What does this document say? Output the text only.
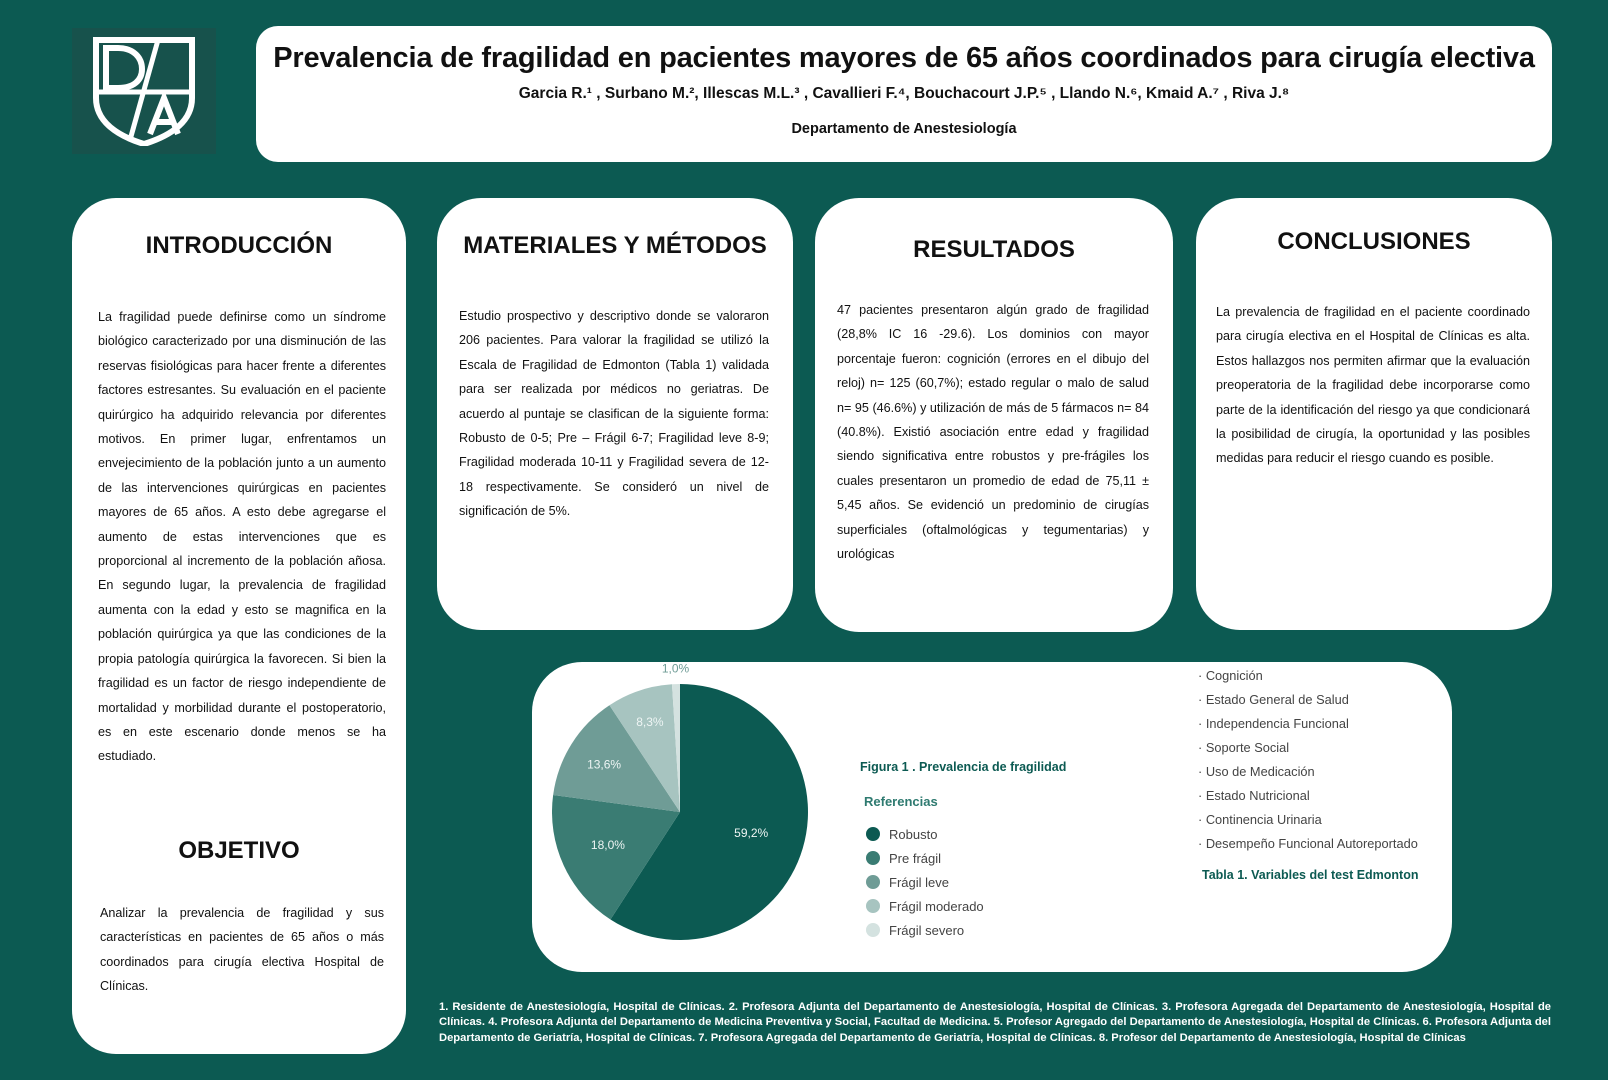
Prevalencia de fragilidad en pacientes mayores de 65 años coordinados para cirugía electiva
Garcia R.¹ , Surbano M.², Illescas M.L.³ , Cavallieri F.⁴, Bouchacourt J.P.⁵ , Llando N.⁶, Kmaid A.⁷ , Riva J.⁸
Departamento de Anestesiología
INTRODUCCIÓN

La fragilidad puede definirse como un síndrome biológico caracterizado por una disminución de las reservas fisiológicas para hacer frente a diferentes factores estresantes. Su evaluación en el paciente quirúrgico ha adquirido relevancia por diferentes motivos. En primer lugar, enfrentamos un envejecimiento de la población junto a un aumento de las intervenciones quirúrgicas en pacientes mayores de 65 años. A esto debe agregarse el aumento de estas intervenciones que es proporcional al incremento de la población añosa. En segundo lugar, la prevalencia de fragilidad aumenta con la edad y esto se magnifica en la población quirúrgica ya que las condiciones de la propia patología quirúrgica la favorecen. Si bien la fragilidad es un factor de riesgo independiente de mortalidad y morbilidad durante el postoperatorio, es en este escenario donde menos se ha estudiado.

OBJETIVO

Analizar la prevalencia de fragilidad y sus características en pacientes de 65 años o más coordinados para cirugía electiva Hospital de Clínicas.

MATERIALES Y MÉTODOS

Estudio prospectivo y descriptivo donde se valoraron 206 pacientes. Para valorar la fragilidad se utilizó la Escala de Fragilidad de Edmonton (Tabla 1) validada para ser realizada por médicos no geriatras. De acuerdo al puntaje se clasifican de la siguiente forma: Robusto de 0-5; Pre – Frágil 6-7; Fragilidad leve 8-9; Fragilidad moderada 10-11 y Fragilidad severa de 12-18 respectivamente. Se consideró un nivel de significación de 5%.

RESULTADOS

47 pacientes presentaron algún grado de fragilidad (28,8% IC 16 -29.6). Los dominios con mayor porcentaje fueron: cognición (errores en el dibujo del reloj) n= 125 (60,7%); estado regular o malo de salud n= 95 (46.6%) y utilización de más de 5 fármacos n= 84 (40.8%). Existió asociación entre edad y fragilidad siendo significativa entre robustos y pre-frágiles los cuales presentaron un promedio de edad de 75,11 ± 5,45 años. Se evidenció un predominio de cirugías superficiales (oftalmológicas y tegumentarias) y urológicas

CONCLUSIONES

La prevalencia de fragilidad en el paciente coordinado para cirugía electiva en el Hospital de Clínicas es alta. Estos hallazgos nos permiten afirmar que la evaluación preoperatoria de la fragilidad debe incorporarse como parte de la identificación del riesgo ya que condicionará la posibilidad de cirugía, la oportunidad y las posibles medidas para reducir el riesgo cuando es posible.

59,2%
18,0%
13,6%
8,3%
1,0%
Figura 1 . Prevalencia de fragilidad
Referencias
Robusto
Pre frágil
Frágil leve
Frágil moderado
Frágil severo
· Cognición
· Estado General de Salud
· Independencia Funcional
· Soporte Social
· Uso de Medicación
· Estado Nutricional
· Continencia Urinaria
· Desempeño Funcional Autoreportado
Tabla 1. Variables del test Edmonton
1. Residente de Anestesiología, Hospital de Clínicas. 2. Profesora Adjunta del Departamento de Anestesiología, Hospital de Clínicas. 3. Profesora Agregada del Departamento de Anestesiología, Hospital de Clínicas. 4. Profesora Adjunta del Departamento de Medicina Preventiva y Social, Facultad de Medicina. 5. Profesor Agregado del Departamento de Anestesiología, Hospital de Clínicas. 6. Profesora Adjunta del Departamento de Geriatría, Hospital de Clínicas. 7. Profesora Agregada del Departamento de Geriatría, Hospital de Clínicas. 8. Profesor del Departamento de Anestesiología, Hospital de Clínicas
